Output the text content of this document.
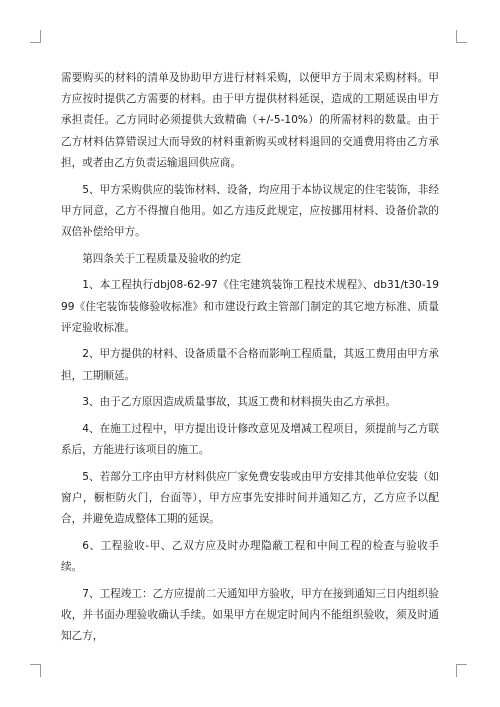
需要购买的材料的清单及协助甲方进行材料采购，以便甲方于周末采购材料。甲方应按时提供乙方需要的材料。由于甲方提供材料延误，造成的工期延误由甲方承担责任。乙方同时必须提供大致精确（+/-5-10%）的所需材料的数量。由于乙方材料估算错误过大而导致的材料重新购买或材料退回的交通费用将由乙方承担，或者由乙方负责运输退回供应商。

5、甲方采购供应的装饰材料、设备，均应用于本协议规定的住宅装饰，非经甲方同意，乙方不得擅自他用。如乙方违反此规定，应按挪用材料、设备价款的双倍补偿给甲方。

第四条关于工程质量及验收的约定

1、本工程执行dbj08-62-97《住宅建筑装饰工程技术规程》、db31/t30-1999《住宅装饰装修验收标准》和市建设行政主管部门制定的其它地方标准、质量评定验收标准。

2、甲方提供的材料、设备质量不合格而影响工程质量，其返工费用由甲方承担，工期顺延。

3、由于乙方原因造成质量事故，其返工费和材料损失由乙方承担。

4、在施工过程中，甲方提出设计修改意见及增减工程项目，须提前与乙方联系后，方能进行该项目的施工。

5、若部分工序由甲方材料供应厂家免费安装或由甲方安排其他单位安装（如窗户，橱柜防火门，台面等），甲方应事先安排时间并通知乙方，乙方应予以配合，并避免造成整体工期的延误。

6、工程验收-甲、乙双方应及时办理隐蔽工程和中间工程的检查与验收手续。

7、工程竣工：乙方应提前二天通知甲方验收，甲方在接到通知三日内组织验收，并书面办理验收确认手续。如果甲方在规定时间内不能组织验收，须及时通知乙方，
